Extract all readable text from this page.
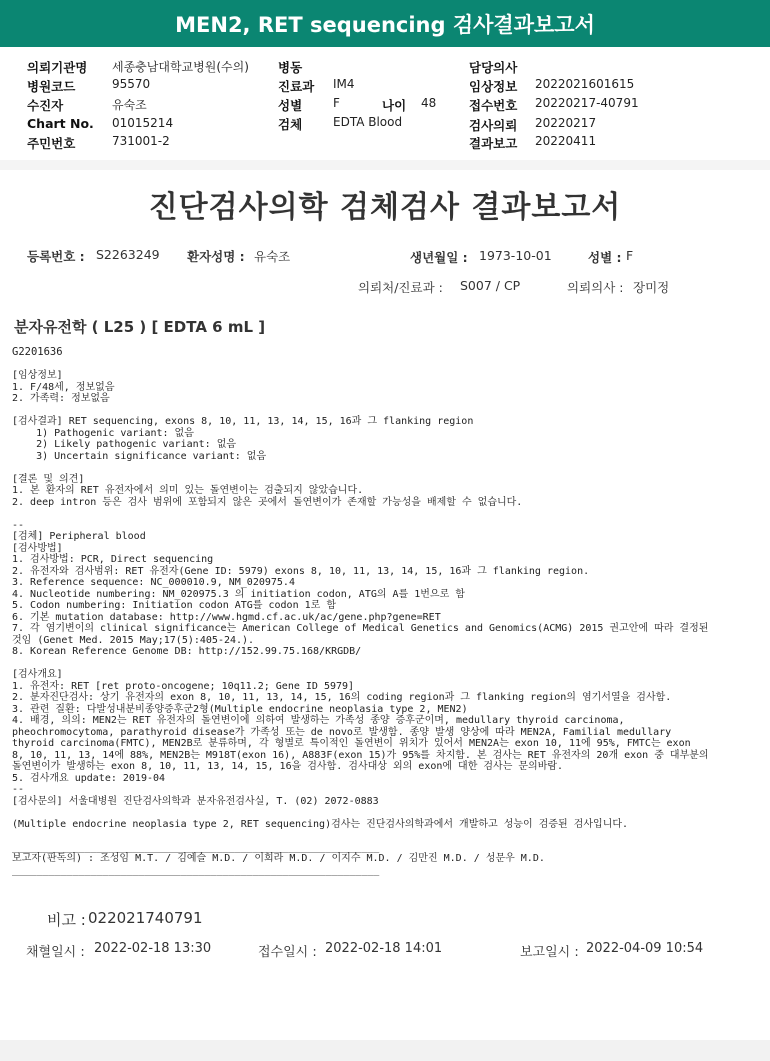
MEN2, RET sequencing 검사결과보고서
의뢰기관명 세종충남대학교병원(수의)
병원코드	95570
수진자	유숙조
Chart No. 01015214
주민번호	731001-2
병동
진료과 IM4
성별	F	나이 48
검체	EDTA Blood
담당의사
임상정보 2022021601615
접수번호 20220217-40791
검사의뢰 20220217
결과보고 20220411
진단검사의학 검체검사 결과보고서
등록번호 : S2263249 환자성명 : 유숙조	생년월일 : 1973-10-01	성별 : F
의뢰처/진료과 : S007 / CP	의뢰의사 : 장미정
분자유전학 ( L25 ) [ EDTA 6 mL ]
G2201636
[임상정보]
1. F/48세, 정보없음
2. 가족력: 정보없음

[검사결과] RET sequencing, exons 8, 10, 11, 13, 14, 15, 16과 그 flanking region
1) Pathogenic variant: 없음
2) Likely pathogenic variant: 없음
3) Uncertain significance variant: 없음

[결론 및 의견]
1. 본 환자의 RET 유전자에서 의미 있는 돌연변이는 검출되지 않았습니다.
2. deep intron 등은 검사 범위에 포함되지 않은 곳에서 돌연변이가 존재할 가능성을 배제할 수 없습니다.

--
[검체] Peripheral blood
[검사방법]
1. 검사방법: PCR, Direct sequencing
2. 유전자와 검사범위: RET 유전자(Gene ID: 5979) exons 8, 10, 11, 13, 14, 15, 16과 그 flanking region.
3. Reference sequence: NC_000010.9, NM_020975.4
4. Nucleotide numbering: NM_020975.3 의 initiation codon, ATG의 A를 1번으로 함
5. Codon numbering: Initiation codon ATG를 codon 1로 함
6. 기본 mutation database: http://www.hgmd.cf.ac.uk/ac/gene.php?gene=RET
7. 각 염기변이의 clinical significance는 American College of Medical Genetics and Genomics(ACMG) 2015 권고안에 따라 결정된
것임 (Genet Med. 2015 May;17(5):405-24.).
8. Korean Reference Genome DB: http://152.99.75.168/KRGDB/

[검사개요]
1. 유전자: RET [ret proto-oncogene; 10q11.2; Gene ID 5979]
2. 분자진단검사: 상기 유전자의 exon 8, 10, 11, 13, 14, 15, 16의 coding region과 그 flanking region의 염기서열을 검사함.
3. 관련 질환: 다발성내분비종양증후군2형(Multiple endocrine neoplasia type 2, MEN2)
4. 배경, 의의: MEN2는 RET 유전자의 돌연변이에 의하여 발생하는 가족성 종양 증후군이며, medullary thyroid carcinoma,
pheochromocytoma, parathyroid disease가 가족성 또는 de novo로 발생함. 종양 발생 양상에 따라 MEN2A, Familial medullary
thyroid carcinoma(FMTC), MEN2B로 분류하며, 각 형별로 특이적인 돌연변이 위치가 있어서 MEN2A는 exon 10, 11에 95%, FMTC는 exon
8, 10, 11, 13, 14에 88%, MEN2B는 M918T(exon 16), A883F(exon 15)가 95%를 차지함. 본 검사는 RET 유전자의 20개 exon 중 대부분의
돌연변이가 발생하는 exon 8, 10, 11, 13, 14, 15, 16을 검사함. 검사대상 외의 exon에 대한 검사는 문의바람.
5. 검사개요 update: 2019-04
--
[검사문의] 서울대병원 진단검사의학과 분자유전검사실, T. (02) 2072-0883

(Multiple endocrine neoplasia type 2, RET sequencing)검사는 진단검사의학과에서 개발하고 성능이 검증된 검사입니다.

_____________________________________________________________
보고자(판독의) : 조성임 M.T. / 김예슬 M.D. / 이희라 M.D. / 이지수 M.D. / 김만진 M.D. / 성문우 M.D.
_____________________________________________________________
비고 : 022021740791
채혈일시 : 2022-02-18 13:30	접수일시 : 2022-02-18 14:01	보고일시 : 2022-04-09 10:54
